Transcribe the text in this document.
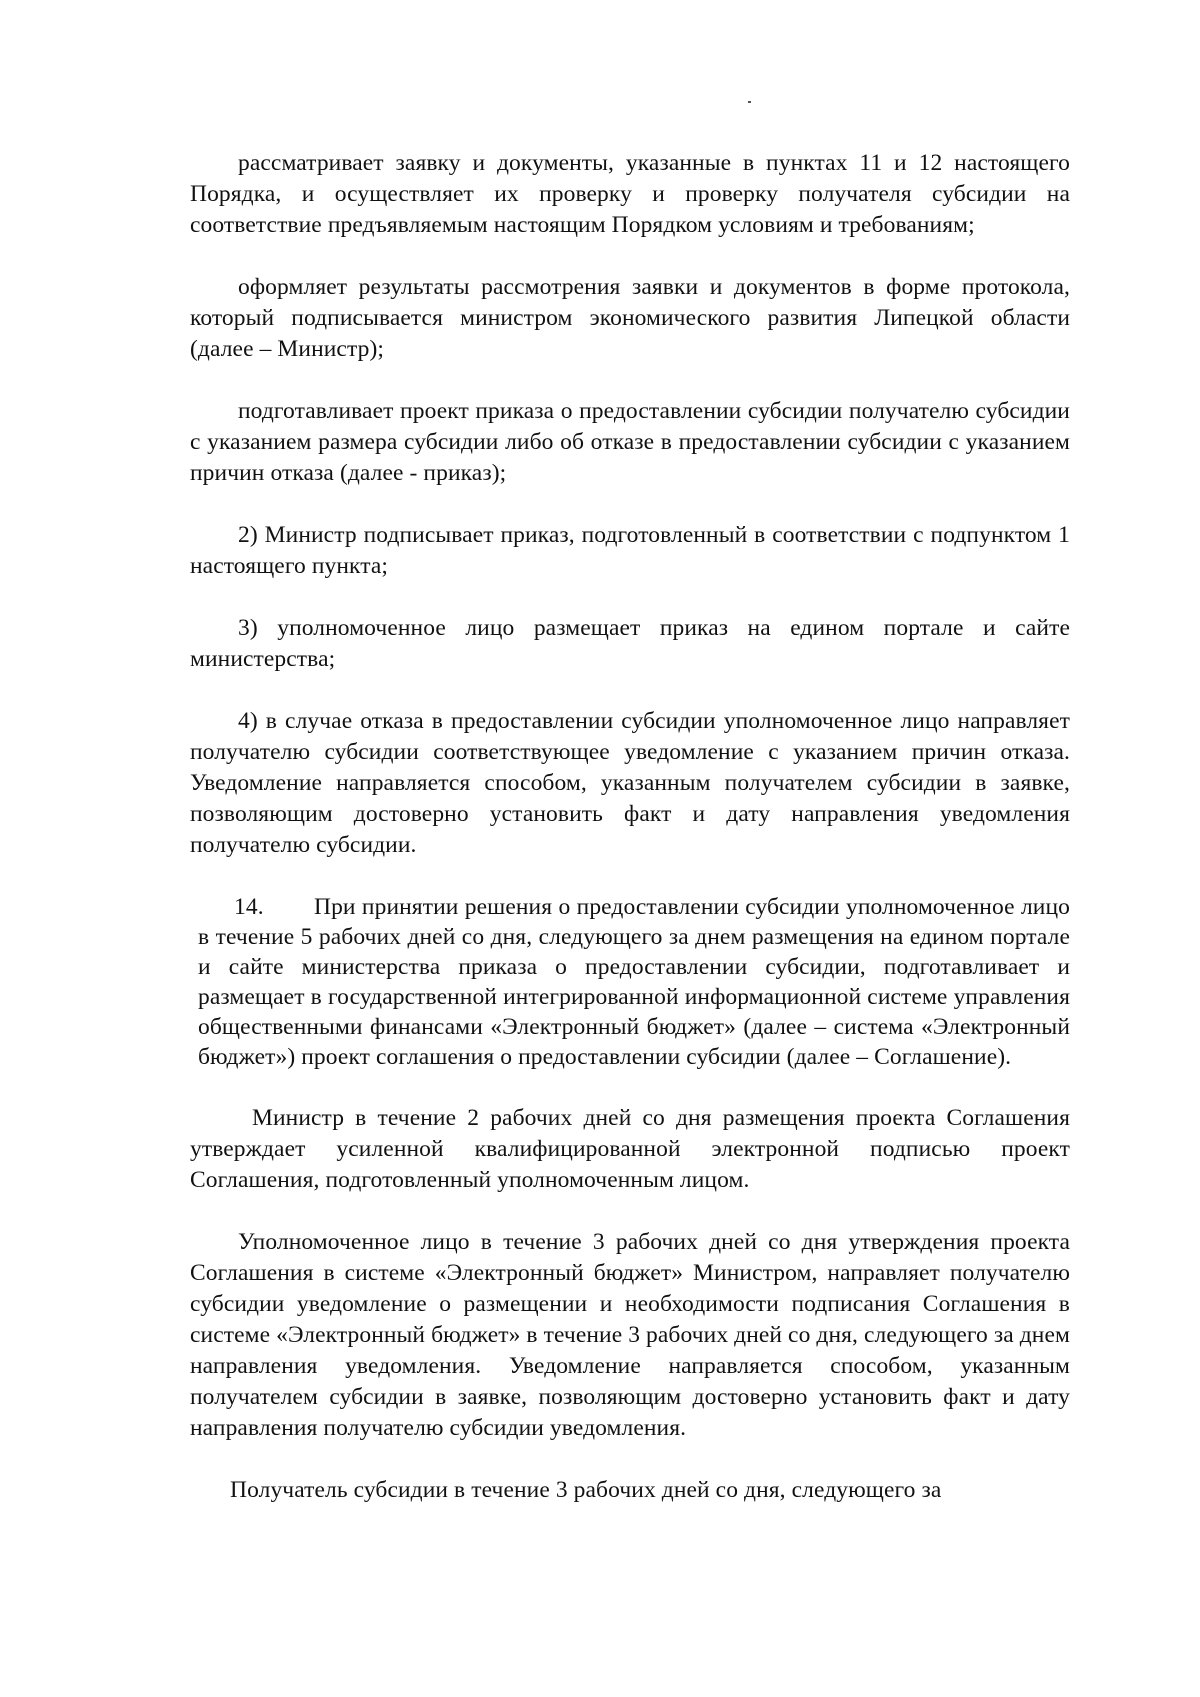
рассматривает заявку и документы, указанные в пунктах 11 и 12 настоящего Порядка, и осуществляет их проверку и проверку получателя субсидии на соответствие предъявляемым настоящим Порядком условиям и требованиям;

оформляет результаты рассмотрения заявки и документов в форме протокола, который подписывается министром экономического развития Липецкой области (далее – Министр);

подготавливает проект приказа о предоставлении субсидии получателю субсидии с указанием размера субсидии либо об отказе в предоставлении субсидии с указанием причин отказа (далее - приказ);

2) Министр подписывает приказ, подготовленный в соответствии с подпунктом 1 настоящего пункта;

3) уполномоченное лицо размещает приказ на едином портале и сайте министерства;

4) в случае отказа в предоставлении субсидии уполномоченное лицо направляет получателю субсидии соответствующее уведомление с указанием причин отказа. Уведомление направляется способом, указанным получателем субсидии в заявке, позволяющим достоверно установить факт и дату направления уведомления получателю субсидии.

14. При принятии решения о предоставлении субсидии уполномоченное лицо в течение 5 рабочих дней со дня, следующего за днем размещения на едином портале и сайте министерства приказа о предоставлении субсидии, подготавливает и размещает в государственной интегрированной информационной системе управления общественными финансами «Электронный бюджет» (далее – система «Электронный бюджет») проект соглашения о предоставлении субсидии (далее – Соглашение).

Министр в течение 2 рабочих дней со дня размещения проекта Соглашения утверждает усиленной квалифицированной электронной подписью проект Соглашения, подготовленный уполномоченным лицом.

Уполномоченное лицо в течение 3 рабочих дней со дня утверждения проекта Соглашения в системе «Электронный бюджет» Министром, направляет получателю субсидии уведомление о размещении и необходимости подписания Соглашения в системе «Электронный бюджет» в течение 3 рабочих дней со дня, следующего за днем направления уведомления. Уведомление направляется способом, указанным получателем субсидии в заявке, позволяющим достоверно установить факт и дату направления получателю субсидии уведомления.

Получатель субсидии в течение 3 рабочих дней со дня, следующего за
